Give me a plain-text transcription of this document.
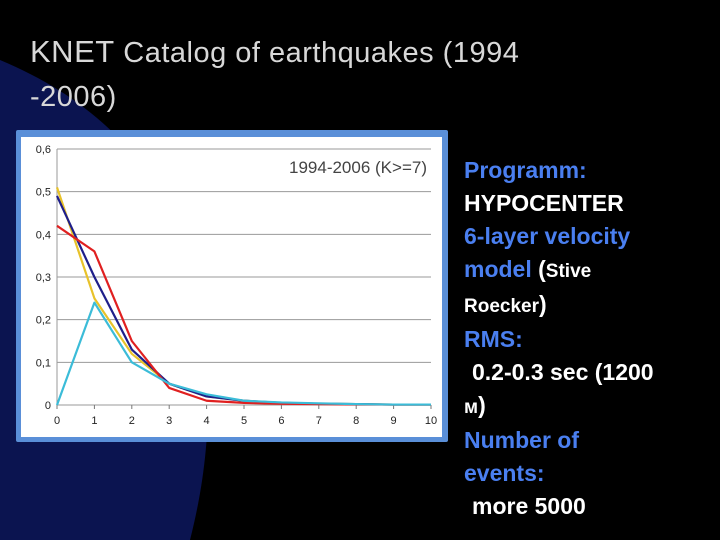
KNET Catalog of earthquakes (1994
-2006)
1994-2006 (K>=7)
0
0,1
0,2
0,3
0,4
0,5
0,6
0	1	2	3	4	5	6	7	8	9	10
Programm:
HYPOCENTER
6-layer velocity
model (Stive
Roecker)
RMS:
0.2-0.3 sec (1200
м)
Number of
events:
more 5000
